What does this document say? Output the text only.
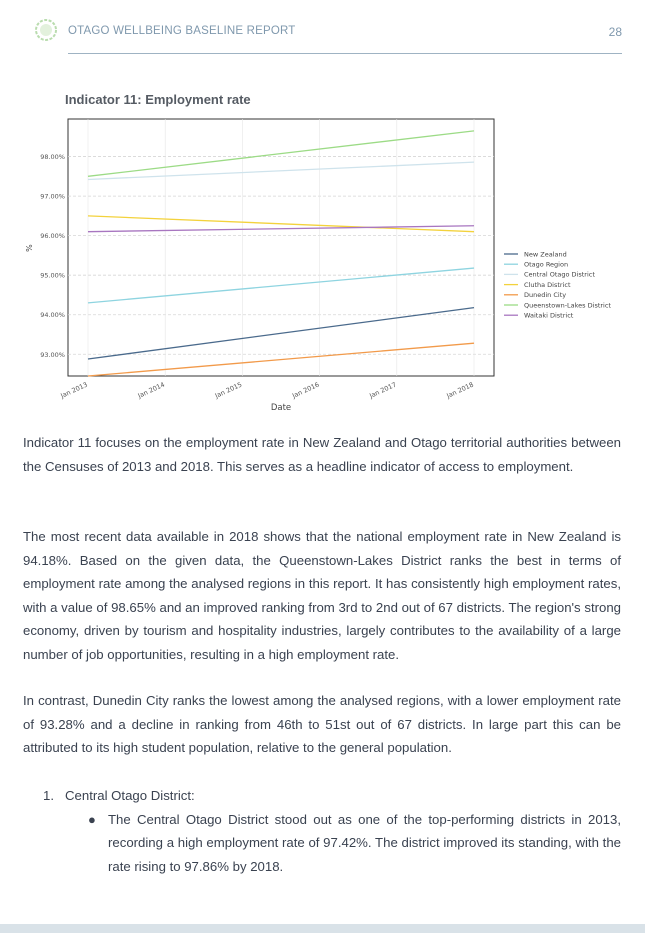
OTAGO WELLBEING BASELINE REPORT	28
Indicator 11: Employment rate
93.00%
94.00%
95.00%
96.00%
97.00%
98.00%
Jan 2013	Jan 2014	Jan 2015	Jan 2016	Jan 2017	Jan 2018
New Zealand
Otago Region
Central Otago District
Clutha District
Dunedin City
Queenstown-Lakes District
Waitaki District
%
Date

Indicator 11 focuses on the employment rate in New Zealand and Otago territorial authorities between the Censuses of 2013 and 2018. This serves as a headline indicator of access to employment.

The most recent data available in 2018 shows that the national employment rate in New Zealand is 94.18%. Based on the given data, the Queenstown-Lakes District ranks the best in terms of employment rate among the analysed regions in this report. It has consistently high employment rates, with a value of 98.65% and an improved ranking from 3rd to 2nd out of 67 districts. The region's strong economy, driven by tourism and hospitality industries, largely contributes to the availability of a large number of job opportunities, resulting in a high employment rate.

In contrast, Dunedin City ranks the lowest among the analysed regions, with a lower employment rate of 93.28% and a decline in ranking from 46th to 51st out of 67 districts. In large part this can be attributed to its high student population, relative to the general population.

1. Central Otago District:
● The Central Otago District stood out as one of the top-performing districts in 2013, recording a high employment rate of 97.42%. The district improved its standing, with the rate rising to 97.86% by 2018.
